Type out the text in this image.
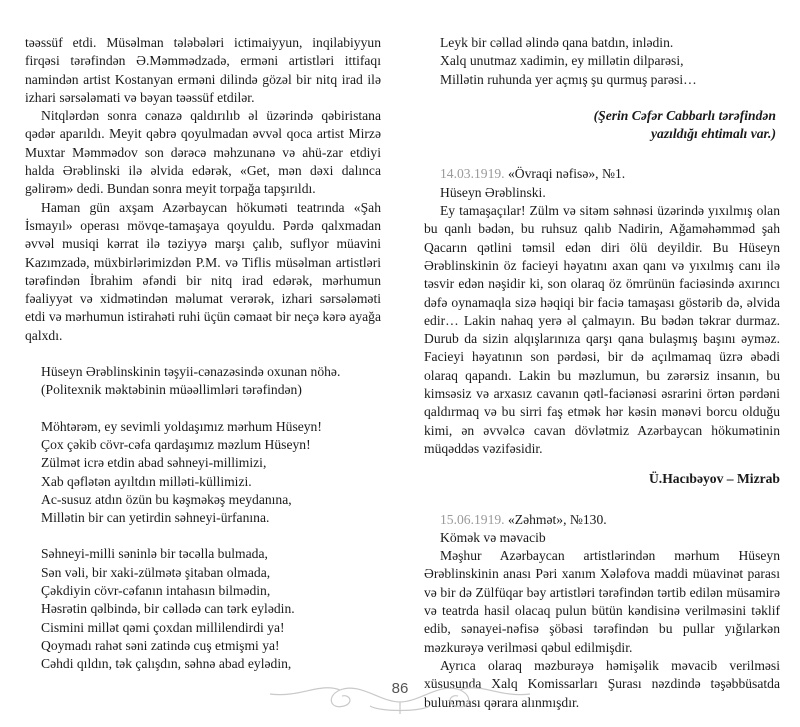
təəssüf etdi. Müsəlman tələbələri ictimaiyyun, inqilabiyyun firqəsi tərəfindən Ə.Məmmədzadə, erməni artistləri ittifaqı namindən artist Kostanyan erməni dilində gözəl bir nitq irad ilə izhari sərsələmati və bəyan təəssüf etdilər.

Nitqlərdən sonra cənazə qaldırılıb əl üzərində qəbiristana qədər aparıldı. Meyit qəbrə qoyulmadan əvvəl qoca artist Mirzə Muxtar Məmmədov son dərəcə məhzunanə və ahü-zar etdiyi halda Ərəblinski ilə əlvida edərək, «Get, mən dəxi dalınca gəlirəm» dedi. Bundan sonra meyit torpağa tapşırıldı.

Haman gün axşam Azərbaycan hökuməti teatrında «Şah İsmayıl» operası mövqe-tamaşaya qoyuldu. Pərdə qalxmadan əvvəl musiqi kərrat ilə təziyyə marşı çalıb, suflyor müavini Kazımzadə, müxbirlərimizdən P.M. və Tiflis müsəlman artistləri tərəfindən İbrahim əfəndi bir nitq irad edərək, mərhumun fəaliyyət və xidmətindən məlumat verərək, izhari sərsələməti etdi və mərhumun istirahəti ruhi üçün cəmaət bir neçə kərə ayağa qalxdı.

Hüseyn Ərəblinskinin təşyii-cənazəsində oxunan nöhə.

(Politexnik məktəbinin müəəllimləri tərəfindən)

Möhtərəm, ey sevimli yoldaşımız mərhum Hüseyn!

Çox çəkib cövr-cəfa qardaşımız məzlum Hüseyn!

Zülmət icrə etdin abad səhneyi-millimizi,

Xab qəflətən ayıltdın milləti-küllimizi.

Ac-susuz atdın özün bu kəşməkəş meydanına,

Millətin bir can yetirdin səhneyi-ürfanına.

Səhneyi-milli səninlə bir təcəlla bulmada,

Sən vəli, bir xaki-zülmətə şitaban olmada,

Çəkdiyin cövr-cəfanın intahasın bilmədin,

Həsrətin qəlbində, bir cəllədə can tərk eylədin.

Cismini millət qəmi çoxdan millilendirdi ya!

Qoymadı rahət səni zatində cuş etmişmi ya!

Cəhdi qıldın, tək çalışdın, səhnə abad eylədin,

Leyk bir cəllad əlində qana batdın, inlədin.

Xalq unutmaz xadimin, ey millətin dilparəsi,

Millətin ruhunda yer açmış şu qurmuş parəsi…

(Şerin Cəfər Cabbarlı tərəfindən
yazıldığı ehtimalı var.)

14.03.1919. «Övraqi nəfisə», №1.

Hüseyn Ərəblinski.

Ey tamaşaçılar! Zülm və sitəm səhnəsi üzərində yıxılmış olan bu qanlı bədən, bu ruhsuz qalıb Nadirin, Ağaməhəmməd şah Qacarın qətlini təmsil edən diri ölü deyildir. Bu Hüseyn Ərəblinskinin öz facieyi həyatını axan qanı və yıxılmış canı ilə təsvir edən nəşidir ki, son olaraq öz ömrünün faciəsində axırıncı dəfə oynamaqla sizə həqiqi bir faciə tamaşası göstərib də, əlvida edir… Lakin nahaq yerə əl çalmayın. Bu bədən təkrar durmaz. Durub da sizin alqışlarınıza qarşı qana bulaşmış başını əyməz. Facieyi həyatının son pərdəsi, bir də açılmamaq üzrə əbədi olaraq qapandı. Lakin bu məzlumun, bu zərərsiz insanın, bu kimsəsiz və arxasız cavanın qətl-faciənəsi əsrarini örtən pərdəni qaldırmaq və bu sirri faş etmək hər kəsin mənəvi borcu olduğu kimi, ən əvvəlcə cavan dövlətmiz Azərbaycan hökumətinin müqəddəs vəzifəsidir.

Ü.Hacıbəyov – Mizrab

15.06.1919. «Zəhmət», №130.

Kömək və məvacib

Məşhur Azərbaycan artistlərindən mərhum Hüseyn Ərəblinskinin anası Pəri xanım Xələfova maddi müavinət parası və bir də Zülfüqar bəy artistləri tərəfindən tərtib edilən müsamirə və teatrda hasil olacaq pulun bütün kəndisinə verilməsini təklif edib, sənayei-nəfisə şöbəsi tərəfindən bu pullar yığılarkən məzkurəyə verilməsi qəbul edilmişdir.

Ayrıca olaraq məzburəyə həmişəlik məvacib verilməsi xüsusunda Xalq Komissarları Şurası nəzdində təşəbbüsatda bulunması qərara alınmışdır.

86
